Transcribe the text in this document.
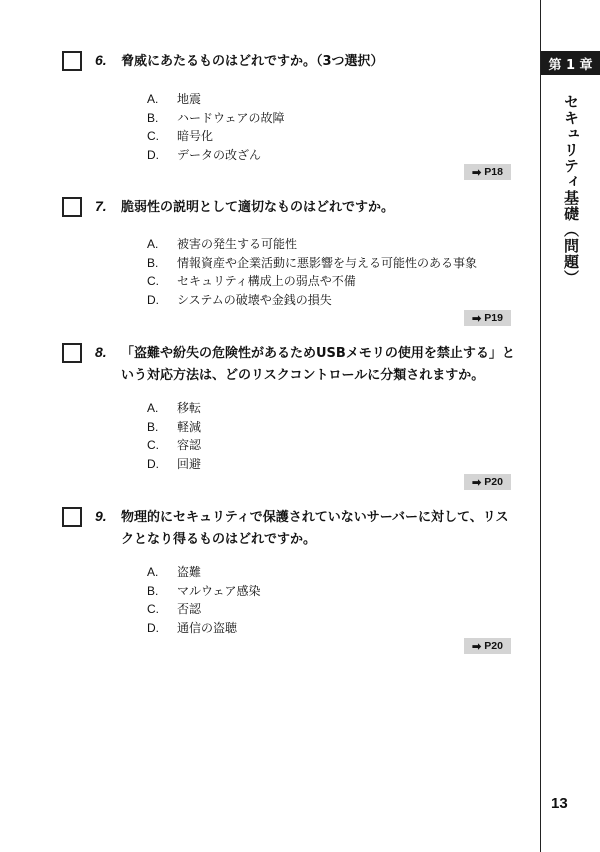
第 1 章
セキュリティ基礎（問題）
13
6. 脅威にあたるものはどれですか。（3つ選択）
A.	地震
B.	ハードウェアの故障
C.	暗号化
D.	データの改ざん
➡ P18
7. 脆弱性の説明として適切なものはどれですか。
A.	被害の発生する可能性
B.	情報資産や企業活動に悪影響を与える可能性のある事象
C.	セキュリティ構成上の弱点や不備
D.	システムの破壊や金銭の損失
➡ P19
8. 「盗難や紛失の危険性があるためUSBメモリの使用を禁止する」という対応方法は、どのリスクコントロールに分類されますか。
A.	移転
B.	軽減
C.	容認
D.	回避
➡ P20
9. 物理的にセキュリティで保護されていないサーバーに対して、リスクとなり得るものはどれですか。
A.	盗難
B.	マルウェア感染
C.	否認
D.	通信の盗聴
➡ P20
